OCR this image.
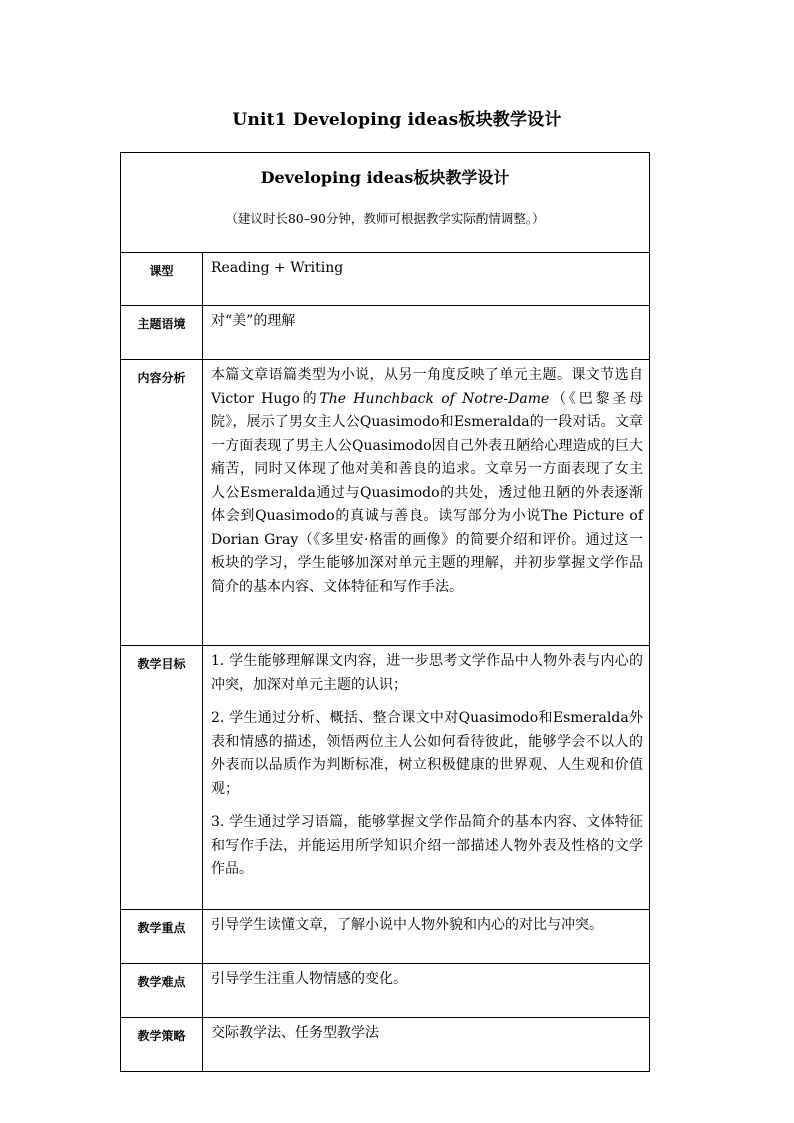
Unit1 Developing ideas板块教学设计
Developing ideas板块教学设计
（建议时长80–90分钟，教师可根据教学实际酌情调整。）	

课型	Reading + Writing
主题语境	对“美”的理解
内容分析	本篇文章语篇类型为小说，从另一角度反映了单元主题。课文节选自Victor Hugo的The Hunchback of Notre-Dame（《巴黎圣母院》，展示了男女主人公Quasimodo和Esmeralda的一段对话。文章一方面表现了男主人公Quasimodo因自己外表丑陋给心理造成的巨大痛苦，同时又体现了他对美和善良的追求。文章另一方面表现了女主人公Esmeralda通过与Quasimodo的共处，透过他丑陋的外表逐渐体会到Quasimodo的真诚与善良。读写部分为小说The Picture of Dorian Gray（《多里安·格雷的画像》的简要介绍和评价。通过这一板块的学习，学生能够加深对单元主题的理解，并初步掌握文学作品简介的基本内容、文体特征和写作手法。
教学目标	1. 学生能够理解课文内容，进一步思考文学作品中人物外表与内心的冲突，加深对单元主题的认识；

2. 学生通过分析、概括、整合课文中对Quasimodo和Esmeralda外表和情感的描述，领悟两位主人公如何看待彼此，能够学会不以人的外表而以品质作为判断标准，树立积极健康的世界观、人生观和价值观；

3. 学生通过学习语篇，能够掌握文学作品简介的基本内容、文体特征和写作手法，并能运用所学知识介绍一部描述人物外表及性格的文学作品。

教学重点	引导学生读懂文章，了解小说中人物外貌和内心的对比与冲突。
教学难点	引导学生注重人物情感的变化。
教学策略	交际教学法、任务型教学法
